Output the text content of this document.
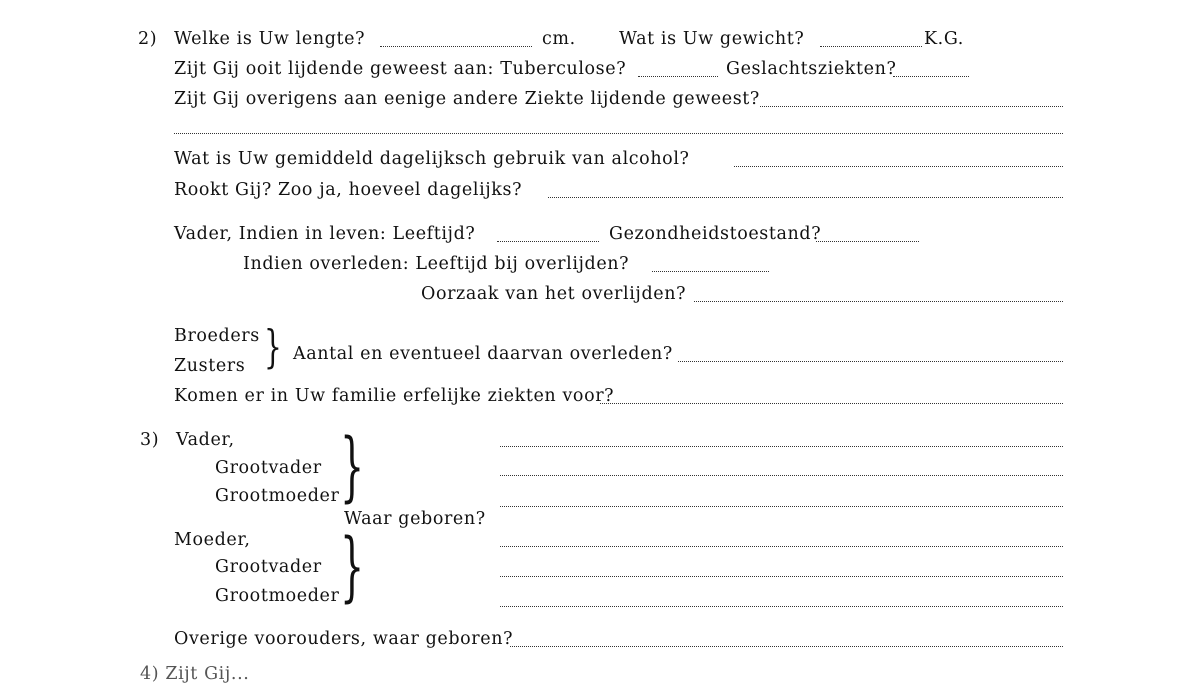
2) Welke is Uw lengte?	cm. Wat is Uw gewicht?	K.G.
Zijt Gij ooit lijdende geweest aan: Tuberculose?	Geslachtsziekten?
Zijt Gij overigens aan eenige andere Ziekte lijdende geweest?
Wat is Uw gemiddeld dagelijksch gebruik van alcohol?
Rookt Gij? Zoo ja, hoeveel dagelijks?
Vader, Indien in leven: Leeftijd?	Gezondheidstoestand?
Indien overleden: Leeftijd bij overlijden?
Oorzaak van het overlijden?
Broeders
Zusters } Aantal en eventueel daarvan overleden?
Komen er in Uw familie erfelijke ziekten voor?
3) Vader,
Grootvader
Grootmoeder }
Waar geboren?
Moeder,
Grootvader
Grootmoeder }
Overige voorouders, waar geboren?
4) Zijt Gij...
